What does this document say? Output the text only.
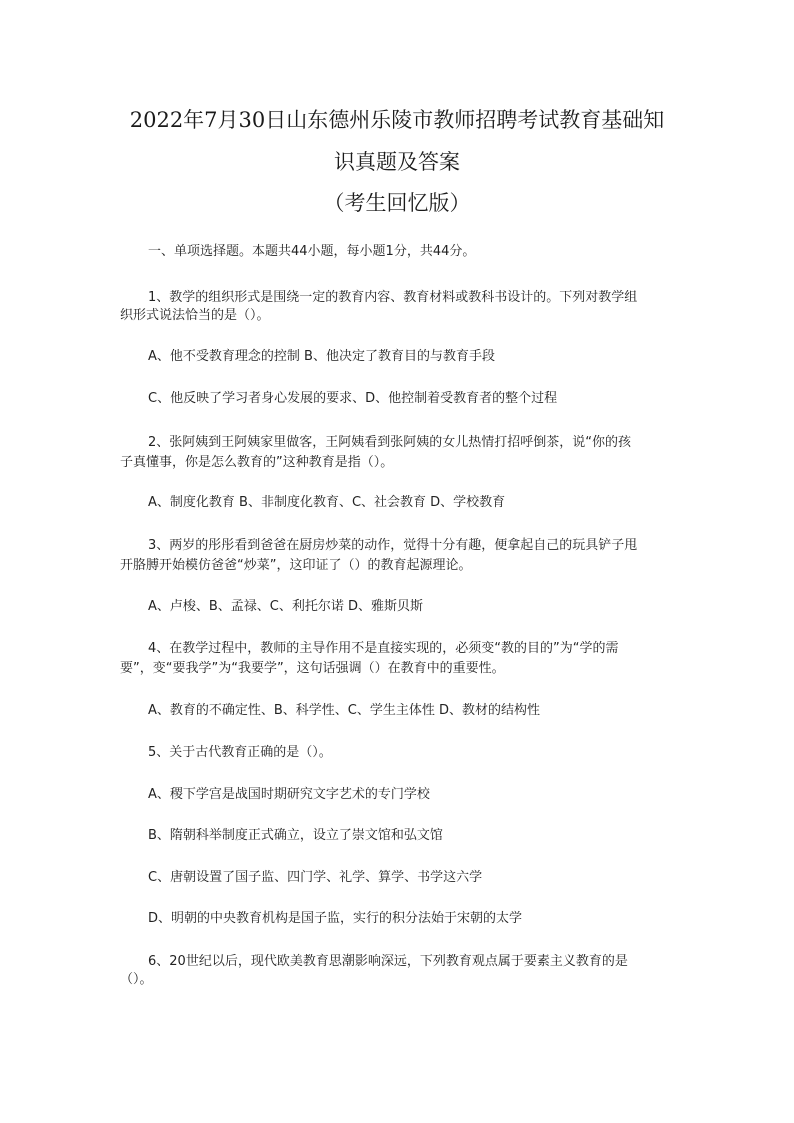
2022年7月30日山东德州乐陵市教师招聘考试教育基础知
识真题及答案
（考生回忆版）
一、单项选择题。本题共44小题，每小题1分，共44分。
1、教学的组织形式是围绕一定的教育内容、教育材料或教科书设计的。下列对教学组
织形式说法恰当的是（）。
A、他不受教育理念的控制 B、他决定了教育目的与教育手段
C、他反映了学习者身心发展的要求、D、他控制着受教育者的整个过程
2、张阿姨到王阿姨家里做客，王阿姨看到张阿姨的女儿热情打招呼倒茶，说“你的孩
子真懂事，你是怎么教育的”这种教育是指（）。
A、制度化教育 B、非制度化教育、C、社会教育 D、学校教育
3、两岁的彤彤看到爸爸在厨房炒菜的动作，觉得十分有趣，便拿起自己的玩具铲子甩
开胳膊开始模仿爸爸“炒菜”，这印证了（）的教育起源理论。
A、卢梭、B、孟禄、C、利托尔诺 D、雅斯贝斯
4、在教学过程中，教师的主导作用不是直接实现的，必须变“教的目的”为“学的需
要”，变“要我学”为“我要学”，这句话强调（）在教育中的重要性。
A、教育的不确定性、B、科学性、C、学生主体性 D、教材的结构性
5、关于古代教育正确的是（）。
A、稷下学宫是战国时期研究文字艺术的专门学校
B、隋朝科举制度正式确立，设立了崇文馆和弘文馆
C、唐朝设置了国子监、四门学、礼学、算学、书学这六学
D、明朝的中央教育机构是国子监，实行的积分法始于宋朝的太学
6、20世纪以后，现代欧美教育思潮影响深远，下列教育观点属于要素主义教育的是
（）。
